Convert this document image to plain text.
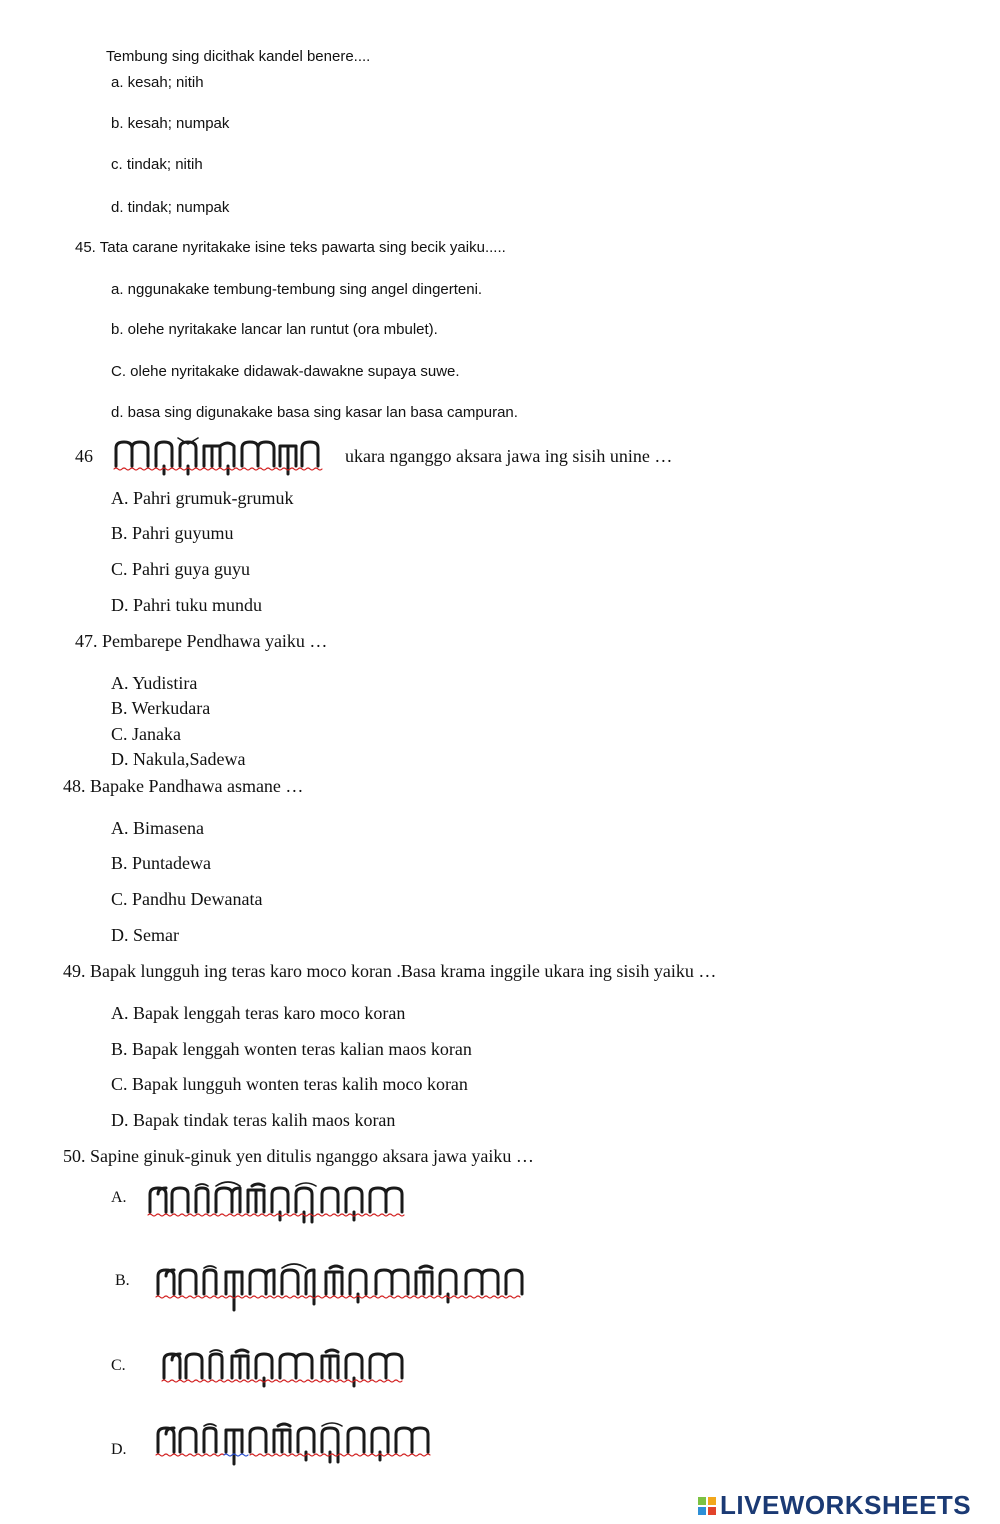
Tembung sing dicithak kandel benere....
a. kesah; nitih
b. kesah; numpak
c. tindak; nitih
d. tindak; numpak
45. Tata carane nyritakake isine teks pawarta sing becik yaiku.....
a. nggunakake tembung-tembung sing angel dingerteni.
b. olehe nyritakake lancar lan runtut (ora mbulet).
C. olehe nyritakake didawak-dawakne supaya suwe.
d. basa sing digunakake basa sing kasar lan basa campuran.
46	ukara nganggo aksara jawa ing sisih unine …
A. Pahri grumuk-grumuk
B. Pahri guyumu
C. Pahri guya guyu
D. Pahri tuku mundu
47. Pembarepe Pendhawa yaiku …
A. Yudistira
B. Werkudara
C. Janaka
D. Nakula,Sadewa
48. Bapake Pandhawa asmane …
A. Bimasena
B. Puntadewa
C. Pandhu Dewanata
D. Semar
49. Bapak lungguh ing teras karo moco koran .Basa krama inggile ukara ing sisih yaiku …
A. Bapak lenggah teras karo moco koran
B. Bapak lenggah wonten teras kalian maos koran
C. Bapak lungguh wonten teras kalih moco koran
D. Bapak tindak teras kalih maos koran
50. Sapine ginuk-ginuk yen ditulis nganggo aksara jawa yaiku …
A.
B.
C.
D.
LIVEWORKSHEETS
